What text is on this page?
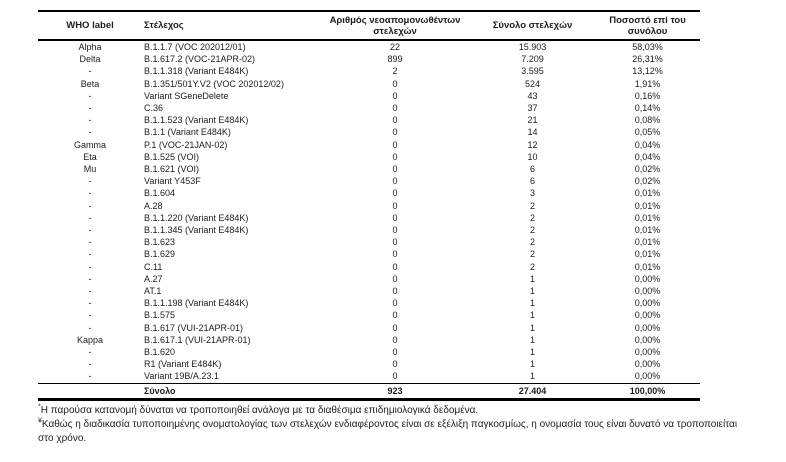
WHO label	Στέλεχος	Αριθμός νεοαπομονωθέντων στελεχών	Σύνολο στελεχών	Ποσοστό επί του συνόλου
Alpha	B.1.1.7 (VOC 202012/01)	22	15.903	58,03%
Delta	B.1.617.2 (VOC-21APR-02)	899	7.209	26,31%
-	B.1.1.318 (Variant E484K)	2	3.595	13,12%
Beta	B.1.351/501Y.V2 (VOC 202012/02)	0	524	1,91%
-	Variant SGeneDelete	0	43	0,16%
-	C.36	0	37	0,14%
-	B.1.1.523 (Variant E484K)	0	21	0,08%
-	B.1.1 (Variant E484K)	0	14	0,05%
Gamma	P.1 (VOC-21JAN-02)	0	12	0,04%
Eta	B.1.525 (VOI)	0	10	0,04%
Mu	B.1.621 (VOI)	0	6	0,02%
-	Variant Y453F	0	6	0,02%
-	B.1.604	0	3	0,01%
-	A.28	0	2	0,01%
-	B.1.1.220 (Variant E484K)	0	2	0,01%
-	B.1.1.345 (Variant E484K)	0	2	0,01%
-	B.1.623	0	2	0,01%
-	B.1.629	0	2	0,01%
-	C.11	0	2	0,01%
-	A.27	0	1	0,00%
-	AT.1	0	1	0,00%
-	B.1.1.198 (Variant E484K)	0	1	0,00%
-	B.1.575	0	1	0,00%
-	B.1.617 (VUI-21APR-01)	0	1	0,00%
Kappa	B.1.617.1 (VUI-21APR-01)	0	1	0,00%
-	B.1.620	0	1	0,00%
-	R1 (Variant E484K)	0	1	0,00%
-	Variant 19B/A.23.1	0	1	0,00%
	Σύνολο	923	27.404	100,00%

*Η παρούσα κατανομή δύναται να τροποποιηθεί ανάλογα με τα διαθέσιμα επιδημιολογικά δεδομένα.

¥Καθώς η διαδικασία τυποποιημένης ονοματολογίας των στελεχών ενδιαφέροντος είναι σε εξέλιξη παγκοσμίως, η ονομασία τους είναι δυνατό να τροποποιείται στο χρόνο.
